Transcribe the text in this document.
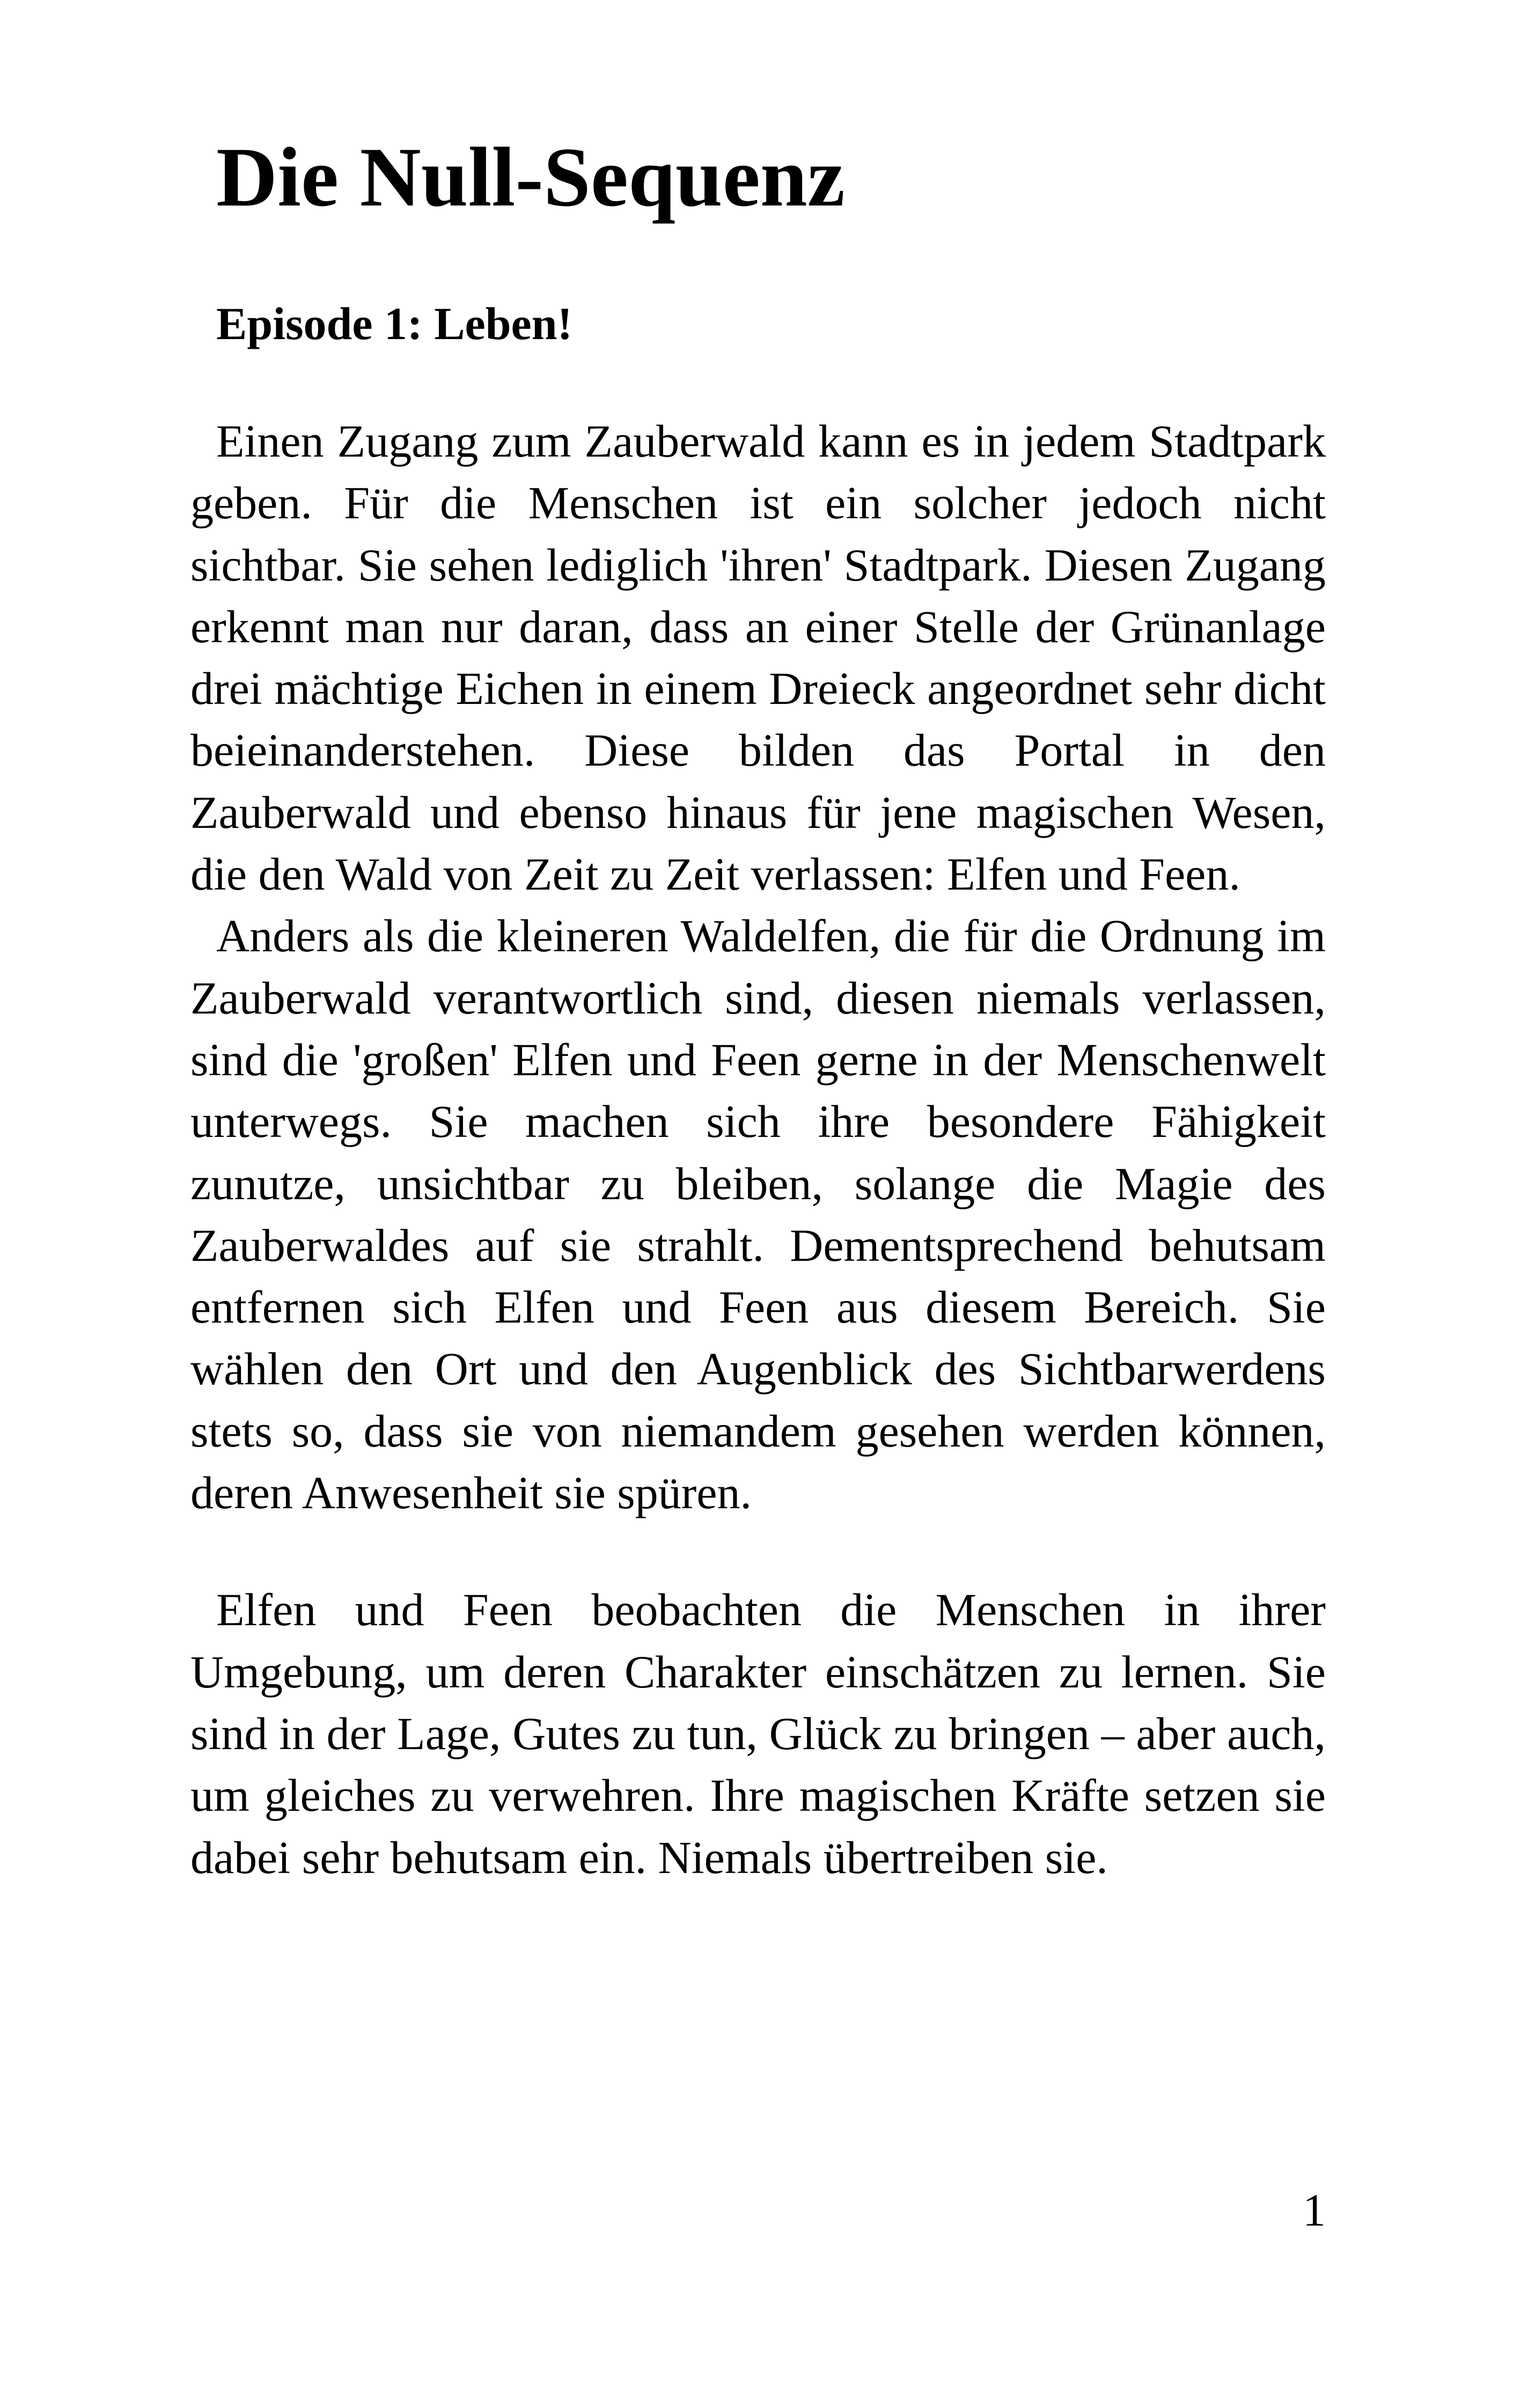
Die Null-Sequenz
Episode 1: Leben!

Einen Zugang zum Zauberwald kann es in jedem Stadtpark geben. Für die Menschen ist ein solcher jedoch nicht sichtbar. Sie sehen lediglich 'ihren' Stadtpark. Diesen Zugang erkennt man nur daran, dass an einer Stelle der Grünanlage drei mächtige Eichen in einem Dreieck angeordnet sehr dicht beieinanderstehen. Diese bilden das Portal in den Zauberwald und ebenso hinaus für jene magischen Wesen, die den Wald von Zeit zu Zeit verlassen: Elfen und Feen.

Anders als die kleineren Waldelfen, die für die Ordnung im Zauberwald verantwortlich sind, diesen niemals verlassen, sind die 'großen' Elfen und Feen gerne in der Menschenwelt unterwegs. Sie machen sich ihre besondere Fähigkeit zunutze, unsichtbar zu bleiben, solange die Magie des Zauberwaldes auf sie strahlt. Dementsprechend behutsam entfernen sich Elfen und Feen aus diesem Bereich. Sie wählen den Ort und den Augenblick des Sichtbarwerdens stets so, dass sie von niemandem gesehen werden können, deren Anwesenheit sie spüren.

Elfen und Feen beobachten die Menschen in ihrer Umgebung, um deren Charakter einschätzen zu lernen. Sie sind in der Lage, Gutes zu tun, Glück zu bringen – aber auch, um gleiches zu verwehren. Ihre magischen Kräfte setzen sie dabei sehr behutsam ein. Niemals übertreiben sie.

1
